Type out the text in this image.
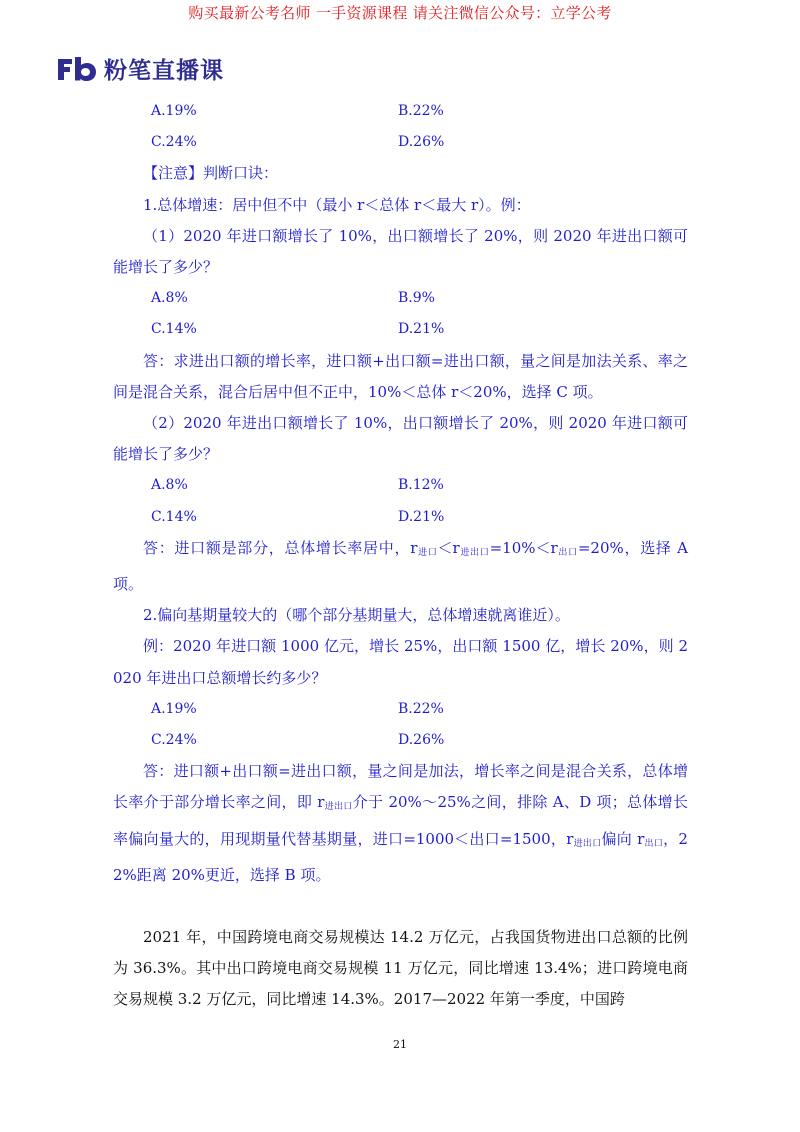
购买最新公考名师 一手资源课程 请关注微信公众号：立学公考
粉笔直播课
A.19%	B.22%
C.24%	D.26%

【注意】判断口诀：

1.总体增速：居中但不中（最小 r＜总体 r＜最大 r）。例：

（1）2020 年进口额增长了 10%，出口额增长了 20%，则 2020 年进出口额可能增长了多少？

A.8%	B.9%
C.14%	D.21%

答：求进出口额的增长率，进口额+出口额=进出口额，量之间是加法关系、率之间是混合关系，混合后居中但不正中，10%＜总体 r＜20%，选择 C 项。

（2）2020 年进出口额增长了 10%，出口额增长了 20%，则 2020 年进口额可能增长了多少？

A.8%	B.12%
C.14%	D.21%

答：进口额是部分，总体增长率居中，$r_{进口}<r_{进出口}=10\%<r_{出口}=20\%$，选择 A 项。

2.偏向基期量较大的（哪个部分基期量大，总体增速就离谁近）。

例：2020 年进口额 1000 亿元，增长 25%，出口额 1500 亿，增长 20%，则 2020 年进出口总额增长约多少？

A.19%	B.22%
C.24%	D.26%

答：进口额+出口额=进出口额，量之间是加法，增长率之间是混合关系，总体增长率介于部分增长率之间，即 $r_{进出口}$介于 20%～25%之间，排除 A、D 项；总体增长率偏向量大的，用现期量代替基期量，进口=1000＜出口=1500，$r_{进出口}$偏向 $r_{出口}$，22%距离 20%更近，选择 B 项。

2021 年，中国跨境电商交易规模达 14.2 万亿元，占我国货物进出口总额的比例为 36.3%。其中出口跨境电商交易规模 11 万亿元，同比增速 13.4%；进口跨境电商交易规模 3.2 万亿元，同比增速 14.3%。2017—2022 年第一季度，中国跨

21
